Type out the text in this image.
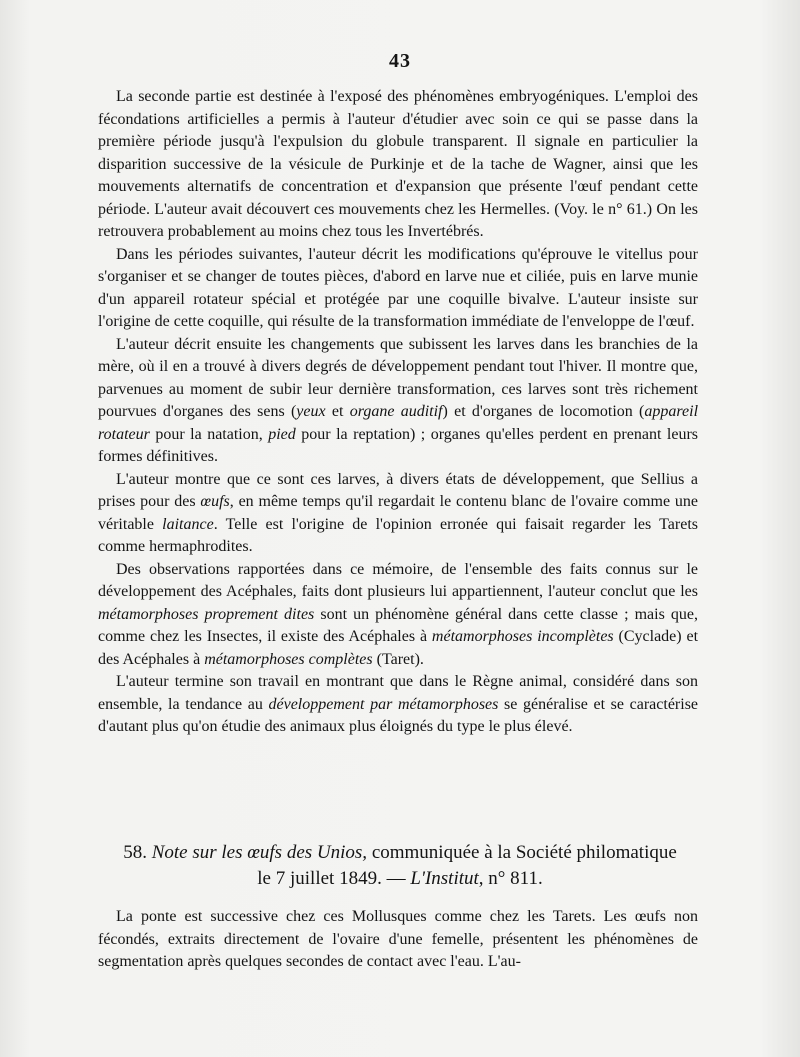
43

La seconde partie est destinée à l'exposé des phénomènes embryogéniques. L'emploi des fécondations artificielles a permis à l'auteur d'étudier avec soin ce qui se passe dans la première période jusqu'à l'expulsion du globule transparent. Il signale en particulier la disparition successive de la vésicule de Purkinje et de la tache de Wagner, ainsi que les mouvements alternatifs de concentration et d'expansion que présente l'œuf pendant cette période. L'auteur avait découvert ces mouvements chez les Hermelles. (Voy. le n° 61.) On les retrouvera probablement au moins chez tous les Invertébrés.

Dans les périodes suivantes, l'auteur décrit les modifications qu'éprouve le vitellus pour s'organiser et se changer de toutes pièces, d'abord en larve nue et ciliée, puis en larve munie d'un appareil rotateur spécial et protégée par une coquille bivalve. L'auteur insiste sur l'origine de cette coquille, qui résulte de la transformation immédiate de l'enveloppe de l'œuf.

L'auteur décrit ensuite les changements que subissent les larves dans les branchies de la mère, où il en a trouvé à divers degrés de développement pendant tout l'hiver. Il montre que, parvenues au moment de subir leur dernière transformation, ces larves sont très richement pourvues d'organes des sens (yeux et organe auditif) et d'organes de locomotion (appareil rotateur pour la natation, pied pour la reptation) ; organes qu'elles perdent en prenant leurs formes définitives.

L'auteur montre que ce sont ces larves, à divers états de développement, que Sellius a prises pour des œufs, en même temps qu'il regardait le contenu blanc de l'ovaire comme une véritable laitance. Telle est l'origine de l'opinion erronée qui faisait regarder les Tarets comme hermaphrodites.

Des observations rapportées dans ce mémoire, de l'ensemble des faits connus sur le développement des Acéphales, faits dont plusieurs lui appartiennent, l'auteur conclut que les métamorphoses proprement dites sont un phénomène général dans cette classe ; mais que, comme chez les Insectes, il existe des Acéphales à métamorphoses incomplètes (Cyclade) et des Acéphales à métamorphoses complètes (Taret).

L'auteur termine son travail en montrant que dans le Règne animal, considéré dans son ensemble, la tendance au développement par métamorphoses se généralise et se caractérise d'autant plus qu'on étudie des animaux plus éloignés du type le plus élevé.

58. Note sur les œufs des Unios, communiquée à la Société philomatique
le 7 juillet 1849. — L'Institut, n° 811.

La ponte est successive chez ces Mollusques comme chez les Tarets. Les œufs non fécondés, extraits directement de l'ovaire d'une femelle, présentent les phénomènes de segmentation après quelques secondes de contact avec l'eau. L'au-
